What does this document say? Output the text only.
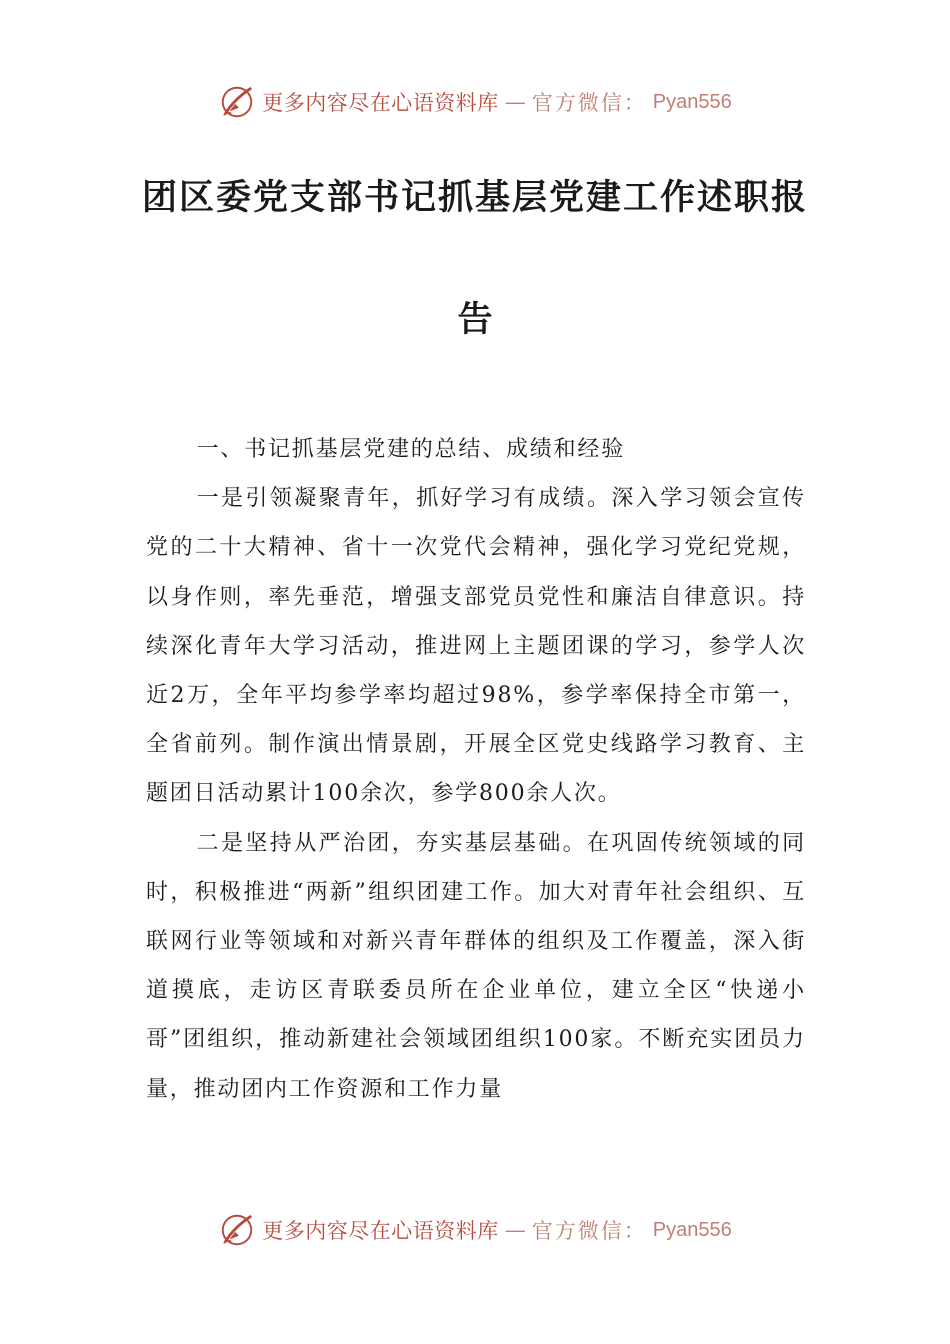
更多内容尽在心语资料库 — 官方微信： Pyan556
团区委党支部书记抓基层党建工作述职报
告

一、书记抓基层党建的总结、成绩和经验

一是引领凝聚青年，抓好学习有成绩。深入学习领会宣传党的二十大精神、省十一次党代会精神，强化学习党纪党规，以身作则，率先垂范，增强支部党员党性和廉洁自律意识。持续深化青年大学习活动，推进网上主题团课的学习，参学人次近2万，全年平均参学率均超过98%，参学率保持全市第一，全省前列。制作演出情景剧，开展全区党史线路学习教育、主题团日活动累计100余次，参学800余人次。

二是坚持从严治团，夯实基层基础。在巩固传统领域的同时，积极推进“两新”组织团建工作。加大对青年社会组织、互联网行业等领域和对新兴青年群体的组织及工作覆盖，深入街道摸底，走访区青联委员所在企业单位，建立全区“快递小哥”团组织，推动新建社会领域团组织100家。不断充实团员力量，推动团内工作资源和工作力量

更多内容尽在心语资料库 — 官方微信： Pyan556
